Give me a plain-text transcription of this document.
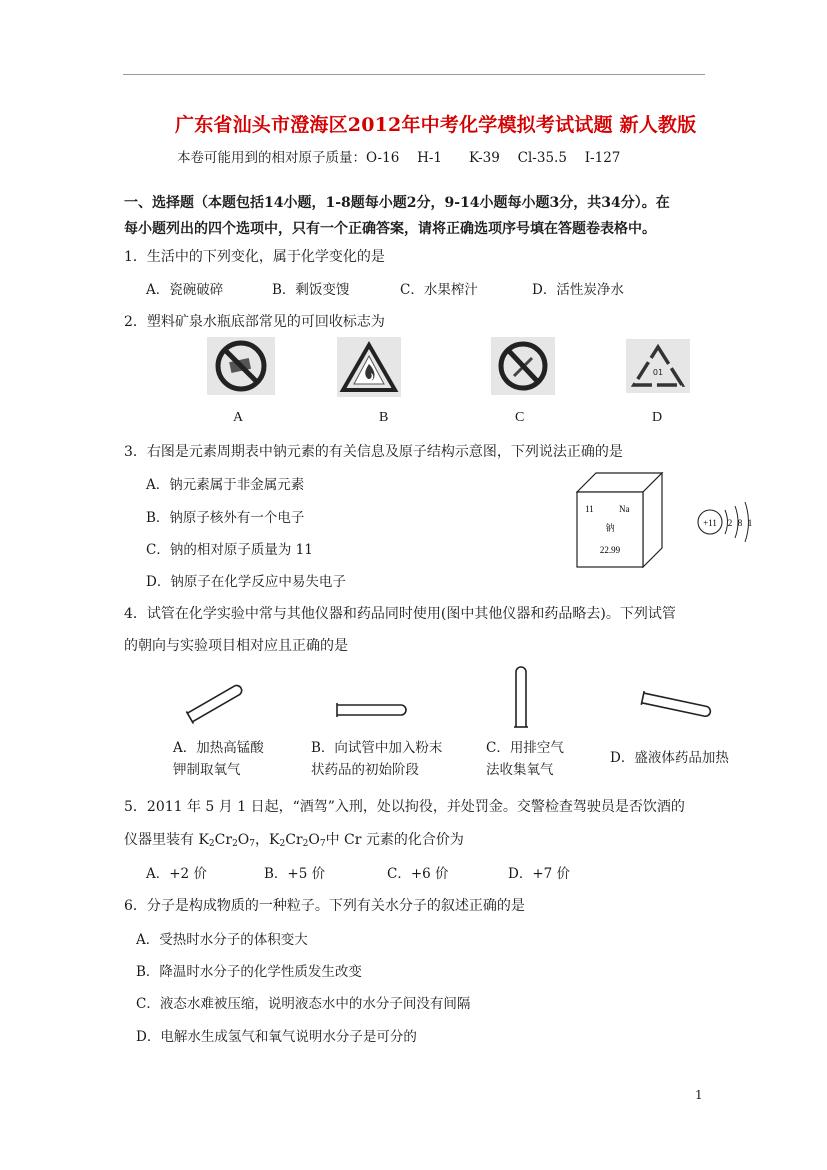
广东省汕头市澄海区2012年中考化学模拟考试试题 新人教版
本卷可能用到的相对原子质量：O-16　 H-1　　K-39　 Cl-35.5　 I-127
一、选择题（本题包括14小题，1-8题每小题2分，9-14小题每小题3分，共34分）。在
每小题列出的四个选项中，只有一个正确答案，请将正确选项序号填在答题卷表格中。
1．生活中的下列变化，属于化学变化的是
A．瓷碗破碎	B．剩饭变馊	C．水果榨汁	D．活性炭净水
2．塑料矿泉水瓶底部常见的可回收标志为
01
A	B	C	D
3．右图是元素周期表中钠元素的有关信息及原子结构示意图，下列说法正确的是
A．钠元素属于非金属元素
B．钠原子核外有一个电子
C．钠的相对原子质量为 11
D．钠原子在化学反应中易失电子
11	Na
钠
22.99
+11 2 8 1
4．试管在化学实验中常与其他仪器和药品同时使用(图中其他仪器和药品略去)。下列试管
的朝向与实验项目相对应且正确的是
A．加热高锰酸
钾制取氧气
B．向试管中加入粉末
状药品的初始阶段
C．用排空气
法收集氧气
D．盛液体药品加热
5．2011 年 5 月 1 日起，“酒驾”入刑，处以拘役，并处罚金。交警检查驾驶员是否饮酒的
仪器里装有 $K_2Cr_2O_7$，$K_2Cr_2O_7$中 Cr 元素的化合价为
A．+2 价	B．+5 价	C．+6 价	D．+7 价
6．分子是构成物质的一种粒子。下列有关水分子的叙述正确的是
A．受热时水分子的体积变大
B．降温时水分子的化学性质发生改变
C．液态水难被压缩，说明液态水中的水分子间没有间隔
D．电解水生成氢气和氧气说明水分子是可分的
1
